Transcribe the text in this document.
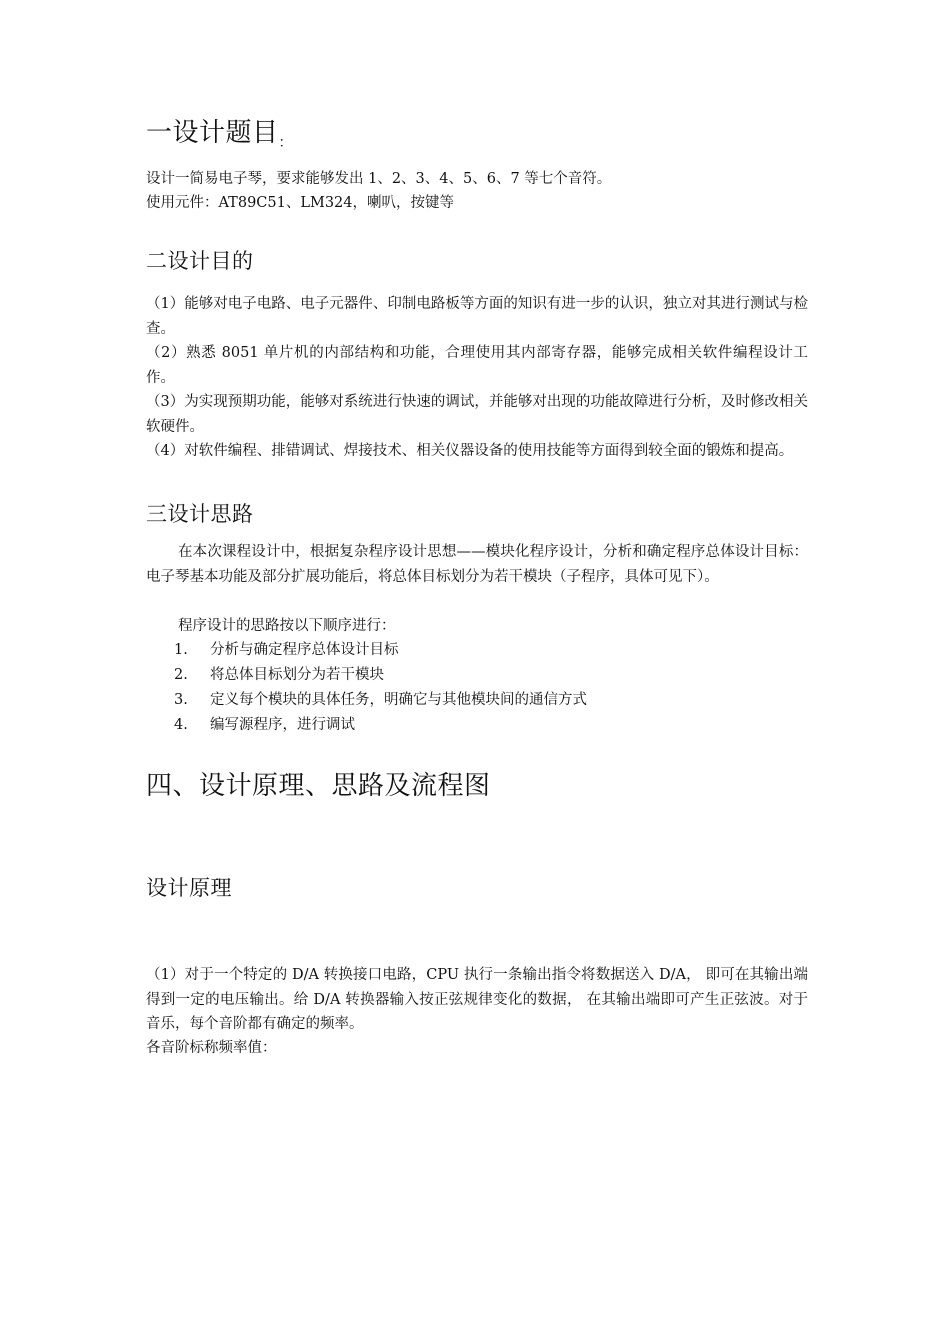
一设计题目$_:$
设计一简易电子琴，要求能够发出 1、2、3、4、5、6、7 等七个音符。
使用元件：AT89C51、LM324，喇叭，按键等
二设计目的
（1）能够对电子电路、电子元器件、印制电路板等方面的知识有进一步的认识，独立对其进行测试与检查。
（2）熟悉 8051 单片机的内部结构和功能，合理使用其内部寄存器，能够完成相关软件编程设计工作。
（3）为实现预期功能，能够对系统进行快速的调试，并能够对出现的功能故障进行分析，及时修改相关软硬件。
（4）对软件编程、排错调试、焊接技术、相关仪器设备的使用技能等方面得到较全面的锻炼和提高。
三设计思路
在本次课程设计中，根据复杂程序设计思想——模块化程序设计，分析和确定程序总体设计目标：电子琴基本功能及部分扩展功能后，将总体目标划分为若干模块（子程序，具体可见下）。
程序设计的思路按以下顺序进行：
1. 分析与确定程序总体设计目标
2. 将总体目标划分为若干模块
3. 定义每个模块的具体任务，明确它与其他模块间的通信方式
4. 编写源程序，进行调试
四、设计原理、思路及流程图
设计原理
（1）对于一个特定的 D/A 转换接口电路，CPU 执行一条输出指令将数据送入 D/A， 即可在其输出端得到一定的电压输出。给 D/A 转换器输入按正弦规律变化的数据， 在其输出端即可产生正弦波。对于音乐，每个音阶都有确定的频率。
各音阶标称频率值：
